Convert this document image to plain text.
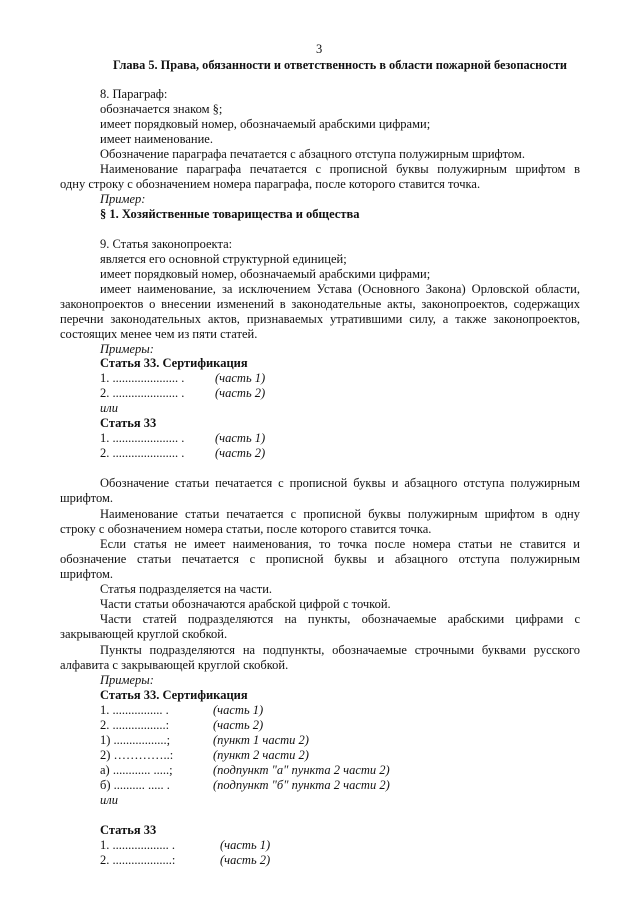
3
Глава 5. Права, обязанности и ответственность в области пожарной безопасности
8. Параграф:
обозначается знаком §;
имеет порядковый номер, обозначаемый арабскими цифрами;
имеет наименование.
Обозначение параграфа печатается с абзацного отступа полужирным шрифтом.
Наименование параграфа печатается с прописной буквы полужирным шрифтом в
одну строку с обозначением номера параграфа, после которого ставится точка.
Пример:
§ 1. Хозяйственные товарищества и общества
9. Статья законопроекта:
является его основной структурной единицей;
имеет порядковый номер, обозначаемый арабскими цифрами;
имеет наименование, за исключением Устава (Основного Закона) Орловской области,
законопроектов о внесении изменений в законодательные акты, законопроектов, содержащих
перечни законодательных актов, признаваемых утратившими силу, а также законопроектов,
состоящих менее чем из пяти статей.
Примеры:
Статья 33. Сертификация
1. ..................... . (часть 1)
2. ..................... . (часть 2)
или
Статья 33
1. ..................... . (часть 1)
2. ..................... . (часть 2)
Обозначение статьи печатается с прописной буквы и абзацного отступа полужирным
шрифтом.
Наименование статьи печатается с прописной буквы полужирным шрифтом в одну
строку с обозначением номера статьи, после которого ставится точка.
Если статья не имеет наименования, то точка после номера статьи не ставится и
обозначение статьи печатается с прописной буквы и абзацного отступа полужирным
шрифтом.
Статья подразделяется на части.
Части статьи обозначаются арабской цифрой с точкой.
Части статей подразделяются на пункты, обозначаемые арабскими цифрами с
закрывающей круглой скобкой.
Пункты подразделяются на подпункты, обозначаемые строчными буквами русского
алфавита с закрывающей круглой скобкой.
Примеры:
Статья 33. Сертификация
1. ................ .	(часть 1)
2. .................:	(часть 2)
1) .................;	(пункт 1 части 2)
2) …………..:	(пункт 2 части 2)
а) ............ .....;	(подпункт "а" пункта 2 части 2)
б) .......... ..... .	(подпункт "б" пункта 2 части 2)
или
Статья 33
1. .................. .	(часть 1)
2. ...................:	(часть 2)
